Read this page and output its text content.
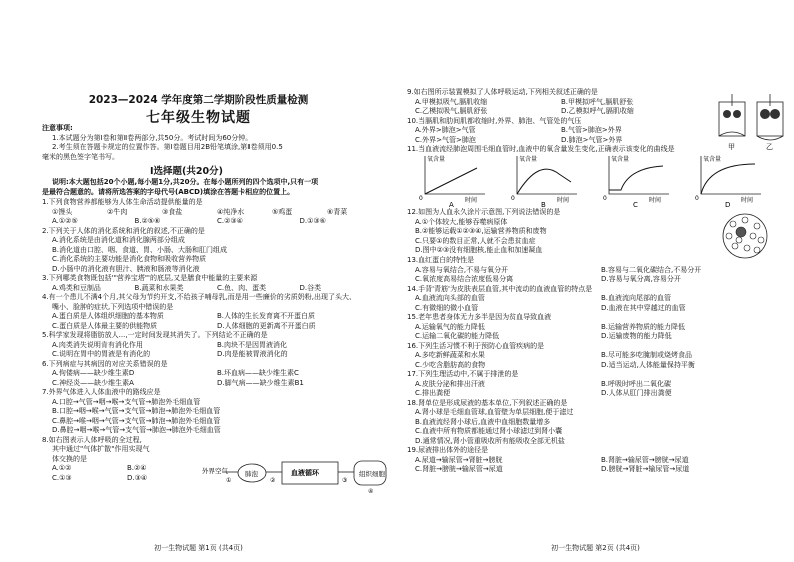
2023—2024 学年度第二学期阶段性质量检测
七年级生物试题
注意事项:
1.本试题分为第Ⅰ卷和第Ⅱ卷两部分,共50分。考试时间为60分钟。
2.考生须在答题卡规定的位置作答。第Ⅰ卷题目用2B铅笔填涂,第Ⅱ卷须用0.5
毫米的黑色签字笔书写。
Ⅰ选择题(共20分)
说明:本大题包括20个小题,每小题1分,共20分。在每小题所列的四个选项中,只有一项
是最符合题意的。请将所选答案的字母代号(ABCD)填涂在答题卡相应的位置上。
1.下列食物营养都能够为人体生命活动提供能量的是
①馒头	②牛肉	③食盐	④纯净水	⑤鸡蛋	⑥青菜
A.①②⑤	B.②⑤⑥	C.②③④	D.①③⑥
2.下列关于人体的消化系统和消化的叙述,不正确的是
A.消化系统是由消化道和消化腺两部分组成
B.消化道由口腔、咽、食道、胃、小肠、大肠和肛门组成
C.消化系统的主要功能是消化食物和吸收营养物质
D.小肠中的消化液有胆汁、胰液和肠液等消化液
3.下列哪类食物既包括'"营养宝塔"'的底层,又是膳食中能量的主要来源
A.鸡类和豆制品	B.蔬菜和水果类	C.鱼、肉、蛋类	D.谷类
4.有一个患儿不满4个月,其父母为节约开支,不给孩子哺母乳,而是用一些廉价的劣质奶粉,出现了头大、
嘴小、脸肿的症状,下列选项中错误的是
A.蛋白质是人体组织细胞的基本物质	B.人体的生长发育离不开蛋白质
C.蛋白质是人体最主要的供能物质	D.人体细胞的更新离不开蛋白质
5.科学家发现将脂肪放人...,一定时间发现其消失了。下列结论不正确的是
A.肉类消失说明肯有消化作用	B.肉块不是因胃液消化
C.说明在胃中的胃液是有消化的	D.肉是能被胃液消化的
6.下列病症与其病因的对应关系错误的是
A.佝偻病——缺少维生素D	B.坏血病——缺少维生素C
C.神经炎——缺少维生素A	D.脚气病——缺少维生素B1
7.外界气体进入人体血液中的路线应是
A.口腔→气管→咽→喉→支气管→肺泡外毛细血管
B.口腔→咽→喉→气管→支气管→肺泡→肺泡外毛细血管
C.鼻腔→喉→咽→气管→支气管→肺泡→肺泡外毛细血管
D.鼻腔→咽→喉→气管→支气管→肺泡→肺泡外毛细血管
8.如右图表示人体呼吸的全过程,
其中通过"气体扩散"作用实现气
体交换的是
A.①②	B.②④
C.①③	D.③④
外界空气
①
肺泡
②
血液循环
③
组织细胞
④
初一生物试题 第1页 (共4页)
9.如右图所示装置模拟了人体呼吸运动,下列相关叙述正确的是
A.甲模拟吸气,膈肌收缩	B.甲模拟呼气,膈肌舒张
C.乙模拟吸气,膈肌舒张	D.乙模拟呼气,膈肌收缩
10.当膈肌和肋间肌都收缩时,外界、肺泡、气管处的气压
A.外界>肺泡>气管	B.气管>肺泡>外界
C.外界>气管>肺泡	D.肺泡>气管>外界
11.当血液流经肺泡周围毛细血管时,血液中的氧含量发生变化,正确表示该变化的曲线是	甲	乙
氧含量
0	时间
A
氧含量
0	时间
B
氧含量
0	时间
C
氧含量
0	时间
D
12.如图为人血永久涂片示意图,下列说法错误的是
A.①个体较大,能够吞噬病原体
B.②能够运载①②③④,运输营养物质和废物
C.只要①的数目正常,人就不会患贫血症
D.图中②③没有细胞核,能止血和加速凝血
13.血红蛋白的特性是
A.容易与氧结合,不易与氧分开	B.容易与二氧化碳结合,不易分开
C.氧浓度高易结合浓度低易分离	D.容易与氧分离,容易分开
14.手背'青筋'为皮肤表层血管,其中流动的血液血管的特点是
A.血液流向头部的血管	B.血液流向尾部的血管
C.有微细的微小血管	D.血液在其中穿越过的血管
15.老年患者身体无力多半是因为贫血导致血液
A.运输氧气的能力降低	B.运输营养物质的能力降低
C.运输二氧化碳的能力降低	D.运输废物的能力降低
16.下列生活习惯不利于预防心血管疾病的是
A.多吃新鲜蔬菜和水果	B.尽可能多吃腌制或烧烤食品
C.少吃含脂肪高的食物	D.适当运动,人体能量保持平衡
17.下列生理活动中,不属于排泄的是
A.皮肤分泌和排出汗液	B.呼吸时呼出二氧化碳
C.排出粪便	D.人体从肛门排出粪便
18.肾单位是形成尿液的基本单位,下列叙述正确的是
A.肾小球是毛细血管球,血管壁为单层细胞,便于滤过
B.血液流经肾小球后,血液中血细胞数量增多
C.血液中所有物质都能通过肾小球滤过到肾小囊
D.通常情况,肾小管重吸收所有能吸收全部无机盐
19.尿液排出体外的途径是
A.尿道→输尿管→肾脏→膀胱	B.肾脏→输尿管→膀胱→尿道
C.肾脏→膀胱→输尿管→尿道	D.膀胱→肾脏→输尿管→尿道
初一生物试题 第2页 (共4页)
